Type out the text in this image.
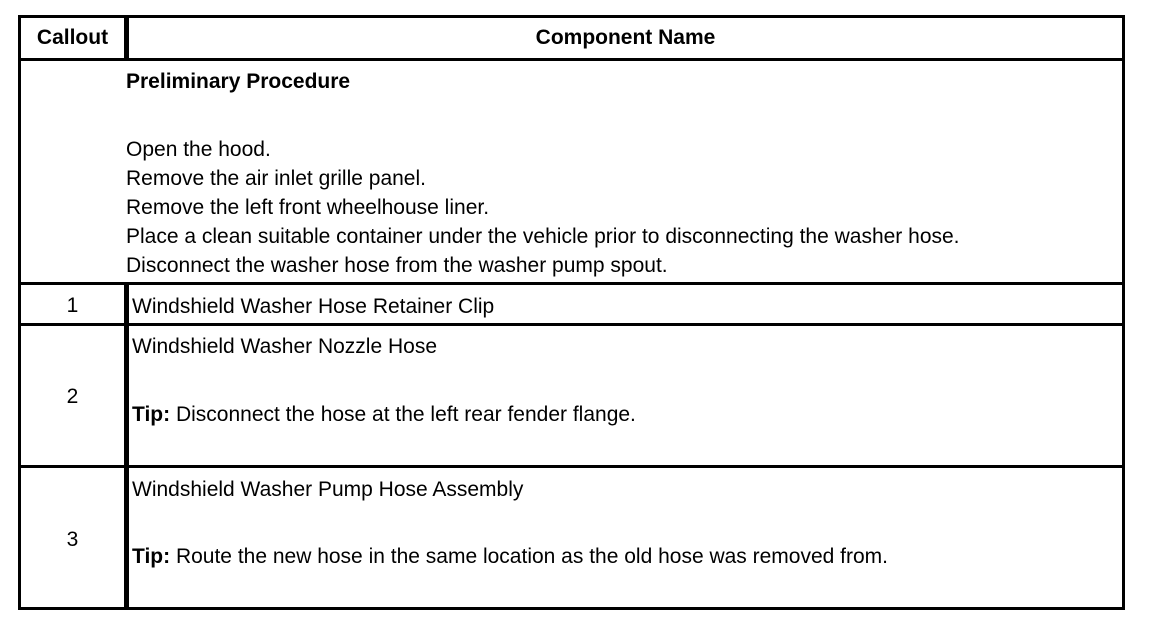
Callout	Component Name
Preliminary Procedure
Open the hood.
Remove the air inlet grille panel.
Remove the left front wheelhouse liner.
Place a clean suitable container under the vehicle prior to disconnecting the washer hose.
Disconnect the washer hose from the washer pump spout.
1	Windshield Washer Hose Retainer Clip
2
Windshield Washer Nozzle Hose
Tip: Disconnect the hose at the left rear fender flange.
3
Windshield Washer Pump Hose Assembly
Tip: Route the new hose in the same location as the old hose was removed from.
